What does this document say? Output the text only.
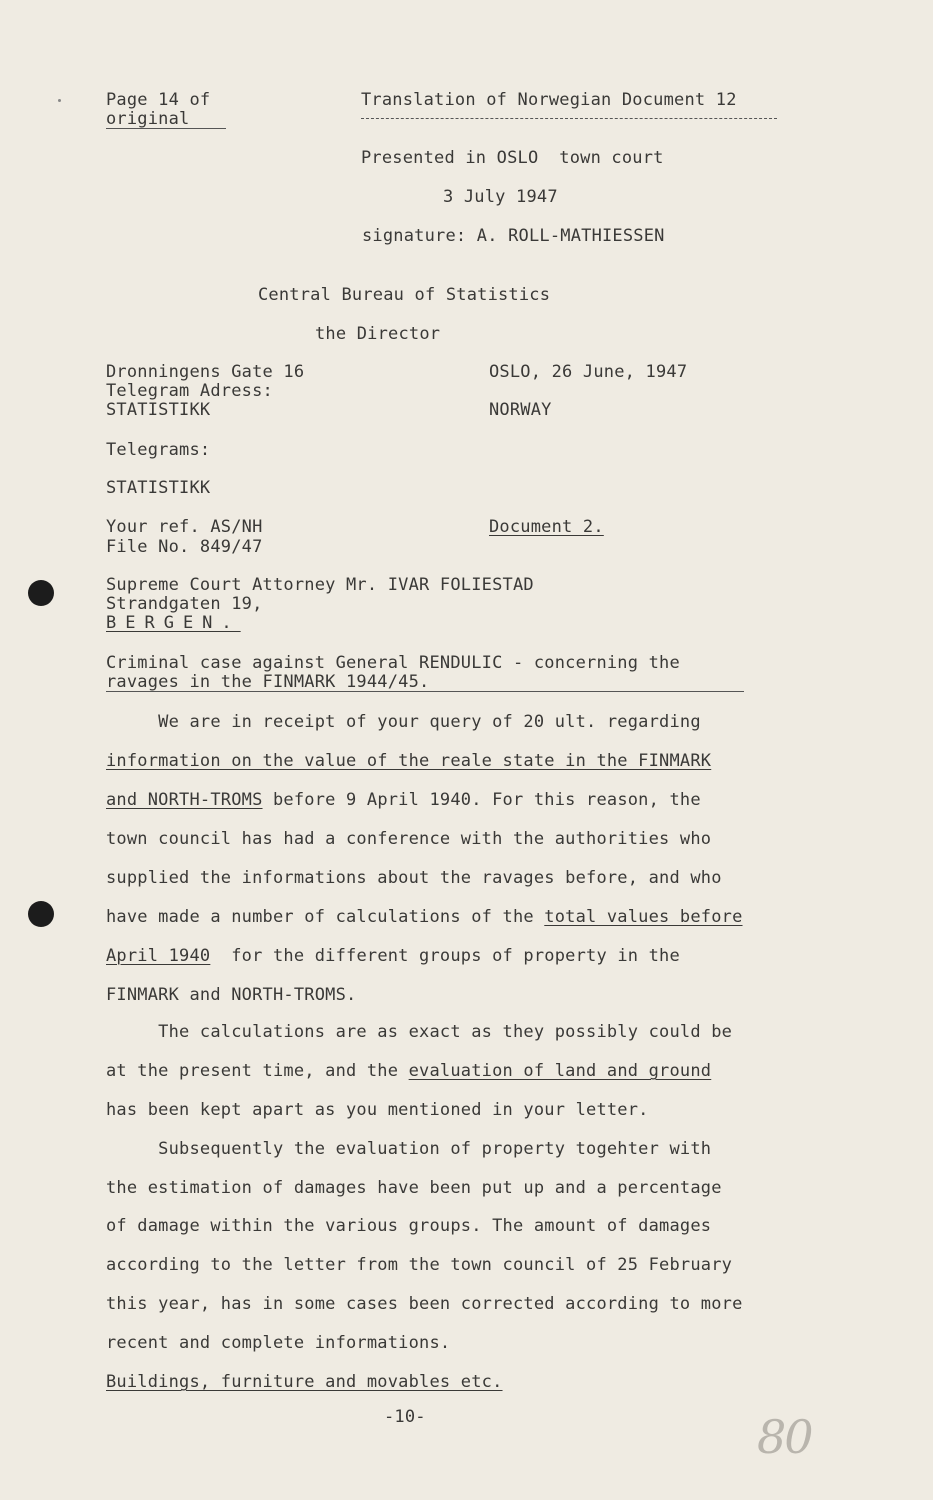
Page 14 of
original
Translation of Norwegian Document 12
Presented in OSLO  town court
3 July 1947
signature: A. ROLL-MATHIESSEN
Central Bureau of Statistics
the Director
Dronningens Gate 16
Telegram Adress:
STATISTIKK
OSLO, 26 June, 1947
NORWAY
Telegrams:
STATISTIKK
Your ref. AS/NH
File No. 849/47
Document 2.
Supreme Court Attorney Mr. IVAR FOLIESTAD
Strandgaten 19,
BERGEN.
Criminal case against General RENDULIC - concerning the
ravages in the FINMARK 1944/45.
We are in receipt of your query of 20 ult. regarding
information on the value of the reale state in the FINMARK
and NORTH-TROMS before 9 April 1940. For this reason, the
town council has had a conference with the authorities who
supplied the informations about the ravages before, and who
have made a number of calculations of the total values before
April 1940  for the different groups of property in the
FINMARK and NORTH-TROMS.
The calculations are as exact as they possibly could be
at the present time, and the evaluation of land and ground
has been kept apart as you mentioned in your letter.
Subsequently the evaluation of property togehter with
the estimation of damages have been put up and a percentage
of damage within the various groups. The amount of damages
according to the letter from the town council of 25 February
this year, has in some cases been corrected according to more
recent and complete informations.
Buildings, furniture and movables etc.
-10-	80
